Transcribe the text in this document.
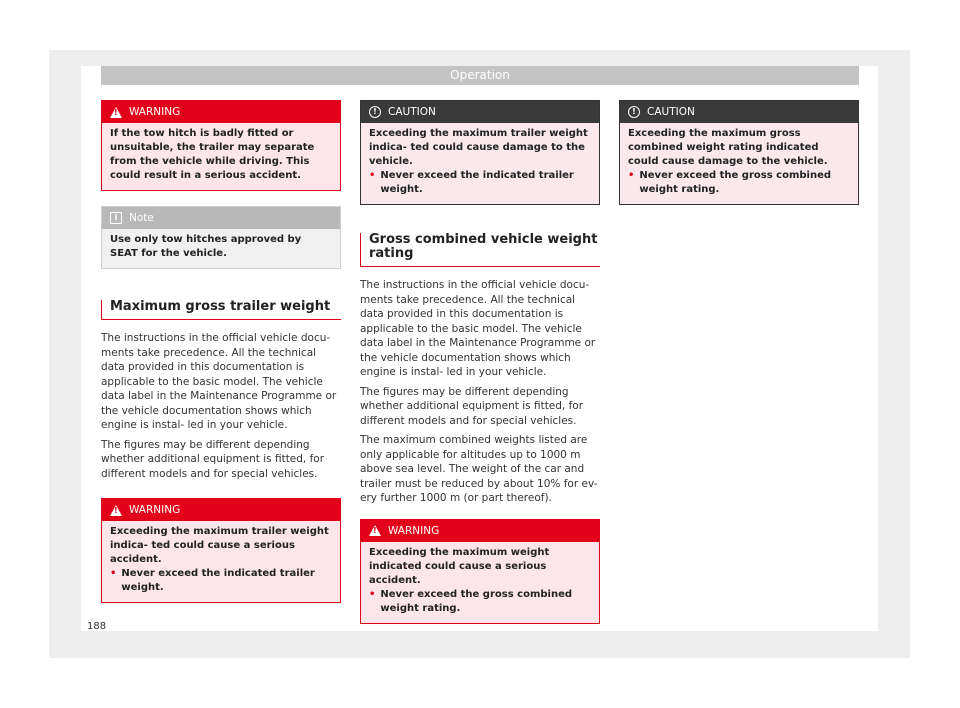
Operation
!
WARNING
If the tow hitch is badly fitted or unsuitable, the trailer may separate from the vehicle while driving. This could result in a serious accident.
i	Note
Use only tow hitches approved by SEAT for the vehicle.
Maximum gross trailer weight

The instructions in the official vehicle docu- ments take precedence. All the technical data provided in this documentation is applicable to the basic model. The vehicle data label in the Maintenance Programme or the vehicle documentation shows which engine is instal- led in your vehicle.

The figures may be different depending whether additional equipment is fitted, for different models and for special vehicles.

!
WARNING
Exceeding the maximum trailer weight indica- ted could cause a serious accident.
• Never exceed the indicated trailer weight.
!	CAUTION
Exceeding the maximum trailer weight indica- ted could cause damage to the vehicle.
• Never exceed the indicated trailer weight.
Gross combined vehicle weight rating

The instructions in the official vehicle docu- ments take precedence. All the technical data provided in this documentation is applicable to the basic model. The vehicle data label in the Maintenance Programme or the vehicle documentation shows which engine is instal- led in your vehicle.

The figures may be different depending whether additional equipment is fitted, for different models and for special vehicles.

The maximum combined weights listed are only applicable for altitudes up to 1000 m above sea level. The weight of the car and trailer must be reduced by about 10% for ev- ery further 1000 m (or part thereof).

!
WARNING
Exceeding the maximum weight indicated could cause a serious accident.
• Never exceed the gross combined weight rating.
!	CAUTION
Exceeding the maximum gross combined weight rating indicated could cause damage to the vehicle.
• Never exceed the gross combined weight rating.
188
